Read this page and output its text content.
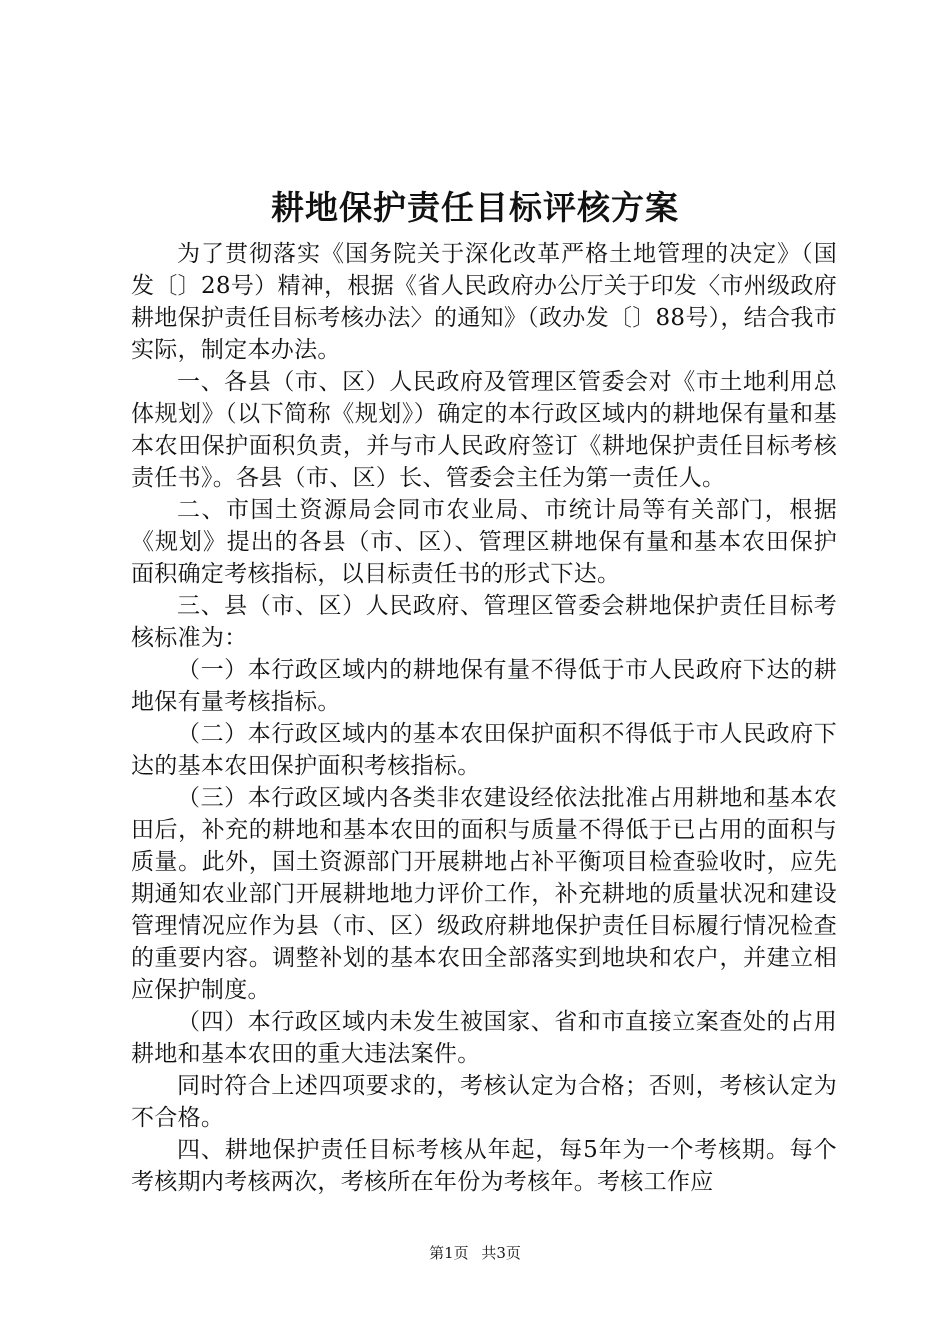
耕地保护责任目标评核方案

为了贯彻落实《国务院关于深化改革严格土地管理的决定》（国发〔〕28号）精神，根据《省人民政府办公厅关于印发〈市州级政府耕地保护责任目标考核办法〉的通知》（政办发〔〕88号），结合我市实际，制定本办法。

一、各县（市、区）人民政府及管理区管委会对《市土地利用总体规划》（以下简称《规划》）确定的本行政区域内的耕地保有量和基本农田保护面积负责，并与市人民政府签订《耕地保护责任目标考核责任书》。各县（市、区）长、管委会主任为第一责任人。

二、市国土资源局会同市农业局、市统计局等有关部门，根据《规划》提出的各县（市、区）、管理区耕地保有量和基本农田保护面积确定考核指标，以目标责任书的形式下达。

三、县（市、区）人民政府、管理区管委会耕地保护责任目标考核标准为：

（一）本行政区域内的耕地保有量不得低于市人民政府下达的耕地保有量考核指标。

（二）本行政区域内的基本农田保护面积不得低于市人民政府下达的基本农田保护面积考核指标。

（三）本行政区域内各类非农建设经依法批准占用耕地和基本农田后，补充的耕地和基本农田的面积与质量不得低于已占用的面积与质量。此外，国土资源部门开展耕地占补平衡项目检查验收时，应先期通知农业部门开展耕地地力评价工作，补充耕地的质量状况和建设管理情况应作为县（市、区）级政府耕地保护责任目标履行情况检查的重要内容。调整补划的基本农田全部落实到地块和农户，并建立相应保护制度。

（四）本行政区域内未发生被国家、省和市直接立案查处的占用耕地和基本农田的重大违法案件。

同时符合上述四项要求的，考核认定为合格；否则，考核认定为不合格。

四、耕地保护责任目标考核从年起，每5年为一个考核期。每个考核期内考核两次，考核所在年份为考核年。考核工作应

第1页 共3页
